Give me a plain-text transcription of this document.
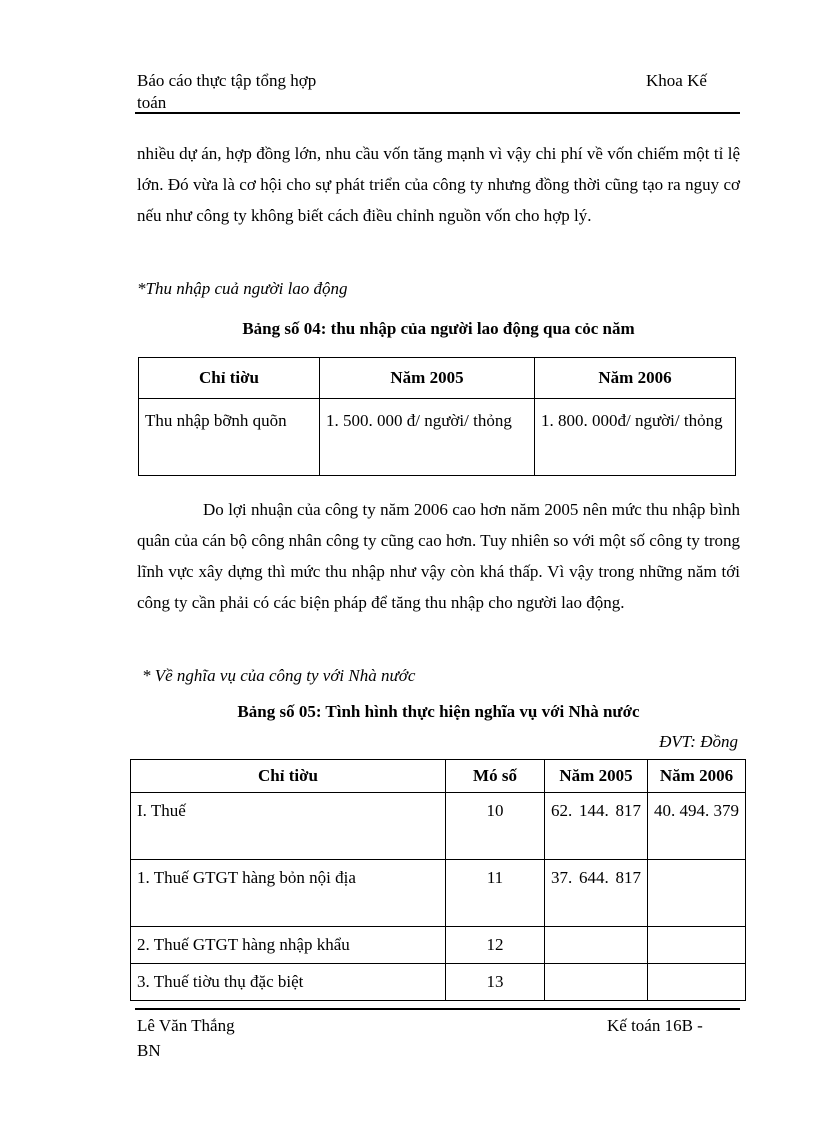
Báo cáo thực tập tổng hợp
toán
Khoa Kế

nhiều dự án, hợp đồng lớn, nhu cầu vốn tăng mạnh vì vậy chi phí về vốn chiếm một tỉ lệ lớn. Đó vừa là cơ hội cho sự phát triển của công ty nhưng đồng thời cũng tạo ra nguy cơ nếu như công ty không biết cách điều chỉnh nguồn vốn cho hợp lý.

*Thu nhập cuả người lao động
Bảng số 04: thu nhập của người lao động qua cỏc năm
Chỉ tiờu	Năm 2005	Năm 2006
Thu nhập bỡnh quõn	1. 500. 000 đ/ người/ thỏng	1. 800. 000đ/ người/ thỏng

Do lợi nhuận của công ty năm 2006 cao hơn năm 2005 nên mức thu nhập bình quân của cán bộ công nhân công ty cũng cao hơn. Tuy nhiên so với một số công ty trong lĩnh vực xây dựng thì mức thu nhập như vậy còn khá thấp. Vì vậy trong những năm tới công ty cần phải có các biện pháp để tăng thu nhập cho người lao động.

* Về nghĩa vụ của công ty với Nhà nước
Bảng số 05: Tình hình thực hiện nghĩa vụ với Nhà nước
ĐVT: Đồng
Chỉ tiờu	Mó số	Năm 2005	Năm 2006
I. Thuế	10	62. 144. 817	40. 494. 379
1. Thuế GTGT hàng bỏn nội địa	11	37. 644. 817	
2. Thuế GTGT hàng nhập khẩu	12		
3. Thuế tiờu thụ đặc biệt	13		
Lê Văn Thắng
BN
Kế toán 16B -
